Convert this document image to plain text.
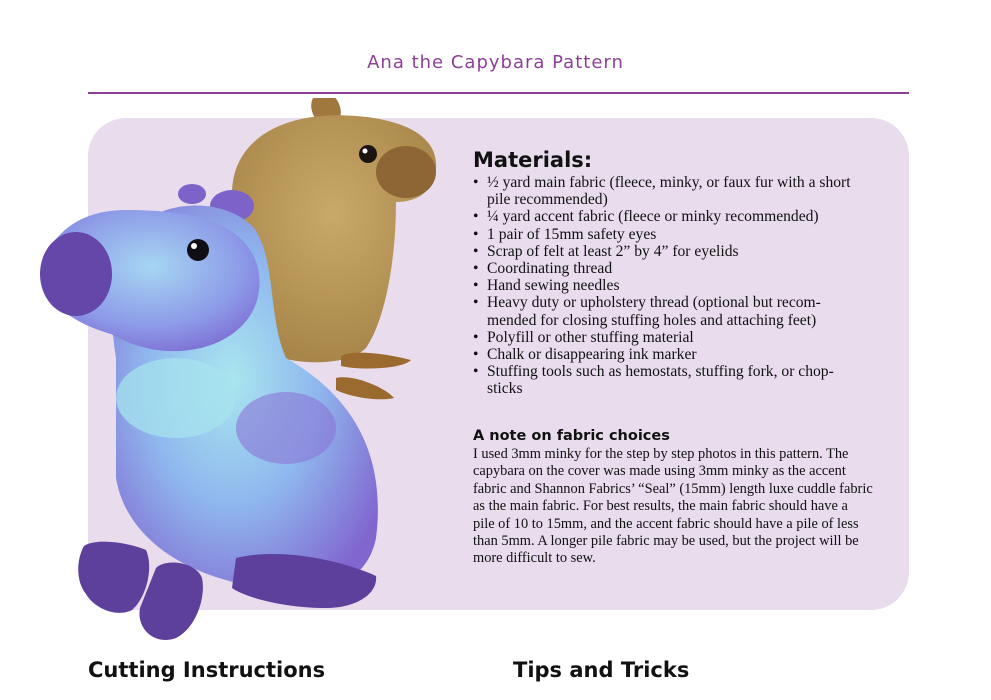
Ana the Capybara Pattern
Materials:
• ½ yard main fabric (fleece, minky, or faux fur with a short pile recommended)
• ¼ yard accent fabric (fleece or minky recommended)
• 1 pair of 15mm safety eyes
• Scrap of felt at least 2” by 4” for eyelids
• Coordinating thread
• Hand sewing needles
• Heavy duty or upholstery thread (optional but recom- mended for closing stuffing holes and attaching feet)
• Polyfill or other stuffing material
• Chalk or disappearing ink marker
• Stuffing tools such as hemostats, stuffing fork, or chop- sticks
A note on fabric choices

I used 3mm minky for the step by step photos in this pattern. The capybara on the cover was made using 3mm minky as the accent fabric and Shannon Fabrics’ “Seal” (15mm) length luxe cuddle fabric as the main fabric. For best results, the main fabric should have a pile of 10 to 15mm, and the accent fabric should have a pile of less than 5mm. A longer pile fabric may be used, but the project will be more difficult to sew.

Cutting Instructions	Tips and Tricks
